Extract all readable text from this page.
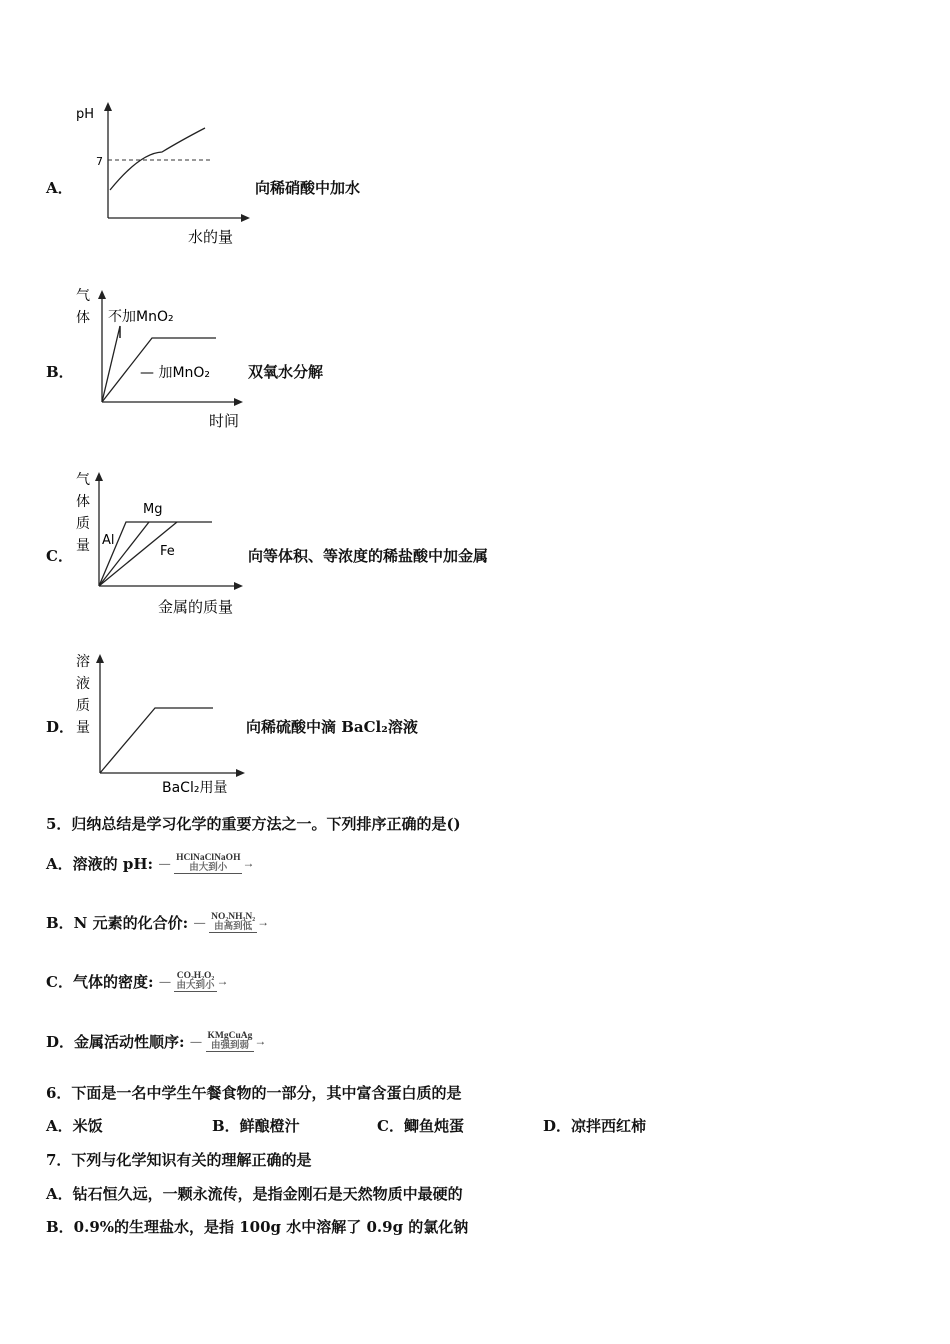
A．
pH
7
水的量
向稀硝酸中加水
B．
气
体 不加MnO₂
— 加MnO₂
时间
双氧水分解
C．
气
体
质
量 Al
Mg
Fe
金属的质量
向等体积、等浓度的稀盐酸中加金属
D．
溶
液
质
量
BaCl₂用量
向稀硫酸中滴 BaCl₂溶液
5．归纳总结是学习化学的重要方法之一。下列排序正确的是()
A．溶液的 pH: — HClNaClNaOH
由大到小	→
B．N 元素的化合价: — NO₂NH₃N₂
由高到低 →
C．气体的密度: — CO₂H₂O₂
由大到小 →
D．金属活动性顺序: — KMgCuAg
由强到弱 →
6．下面是一名中学生午餐食物的一部分，其中富含蛋白质的是
A．米饭	B．鲜酿橙汁	C．鲫鱼炖蛋	D．凉拌西红柿
7．下列与化学知识有关的理解正确的是
A．钻石恒久远，一颗永流传，是指金刚石是天然物质中最硬的
B．0.9%的生理盐水，是指 100g 水中溶解了 0.9g 的氯化钠
